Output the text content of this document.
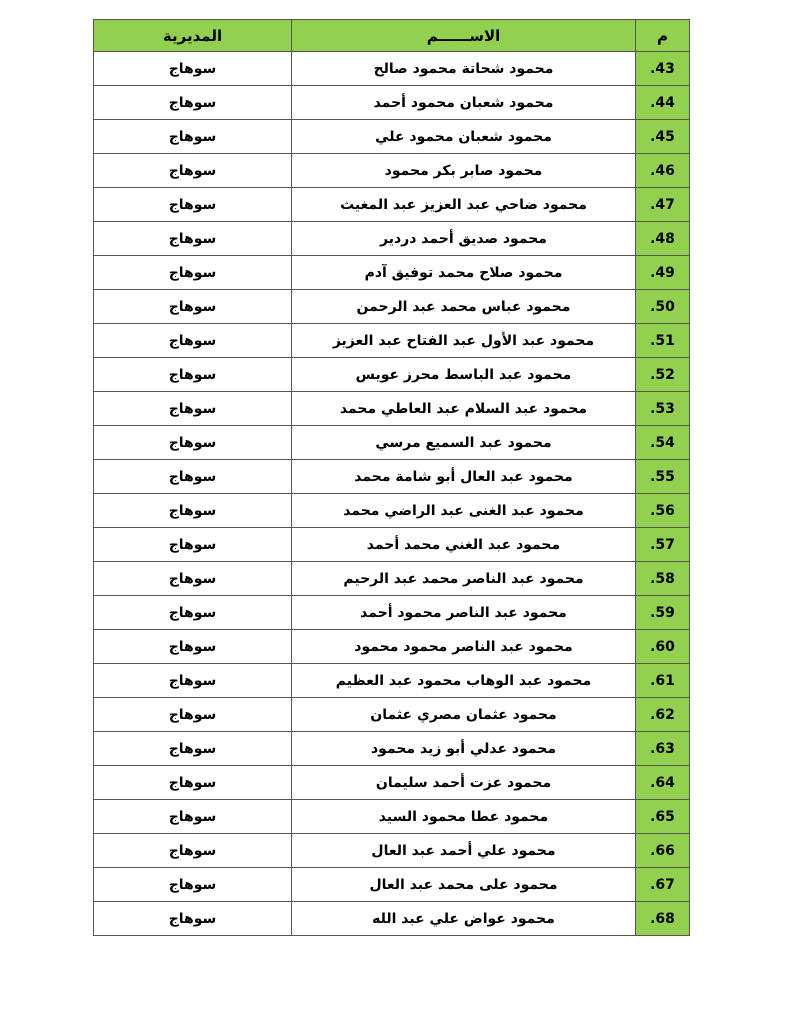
م	الاســــــم	المديرية
.43	محمود شحاتة محمود صالح	سوهاج
.44	محمود شعبان محمود أحمد	سوهاج
.45	محمود شعبان محمود علي	سوهاج
.46	محمود صابر بكر محمود	سوهاج
.47	محمود ضاحي عبد العزيز عبد المغيث	سوهاج
.48	محمود صديق أحمد دردير	سوهاج
.49	محمود صلاح محمد توفيق آدم	سوهاج
.50	محمود عباس محمد عبد الرحمن	سوهاج
.51	محمود عبد الأول عبد الفتاح عبد العزيز	سوهاج
.52	محمود عبد الباسط محرز عويس	سوهاج
.53	محمود عبد السلام عبد العاطي محمد	سوهاج
.54	محمود عبد السميع مرسي	سوهاج
.55	محمود عبد العال أبو شامة محمد	سوهاج
.56	محمود عبد الغنى عبد الراضي محمد	سوهاج
.57	محمود عبد الغني محمد أحمد	سوهاج
.58	محمود عبد الناصر محمد عبد الرحيم	سوهاج
.59	محمود عبد الناصر محمود أحمد	سوهاج
.60	محمود عبد الناصر محمود محمود	سوهاج
.61	محمود عبد الوهاب محمود عبد العظيم	سوهاج
.62	محمود عثمان مصري عثمان	سوهاج
.63	محمود عدلي أبو زيد محمود	سوهاج
.64	محمود عزت أحمد سليمان	سوهاج
.65	محمود عطا محمود السيد	سوهاج
.66	محمود علي أحمد عبد العال	سوهاج
.67	محمود على محمد عبد العال	سوهاج
.68	محمود عواض علي عبد الله	سوهاج
